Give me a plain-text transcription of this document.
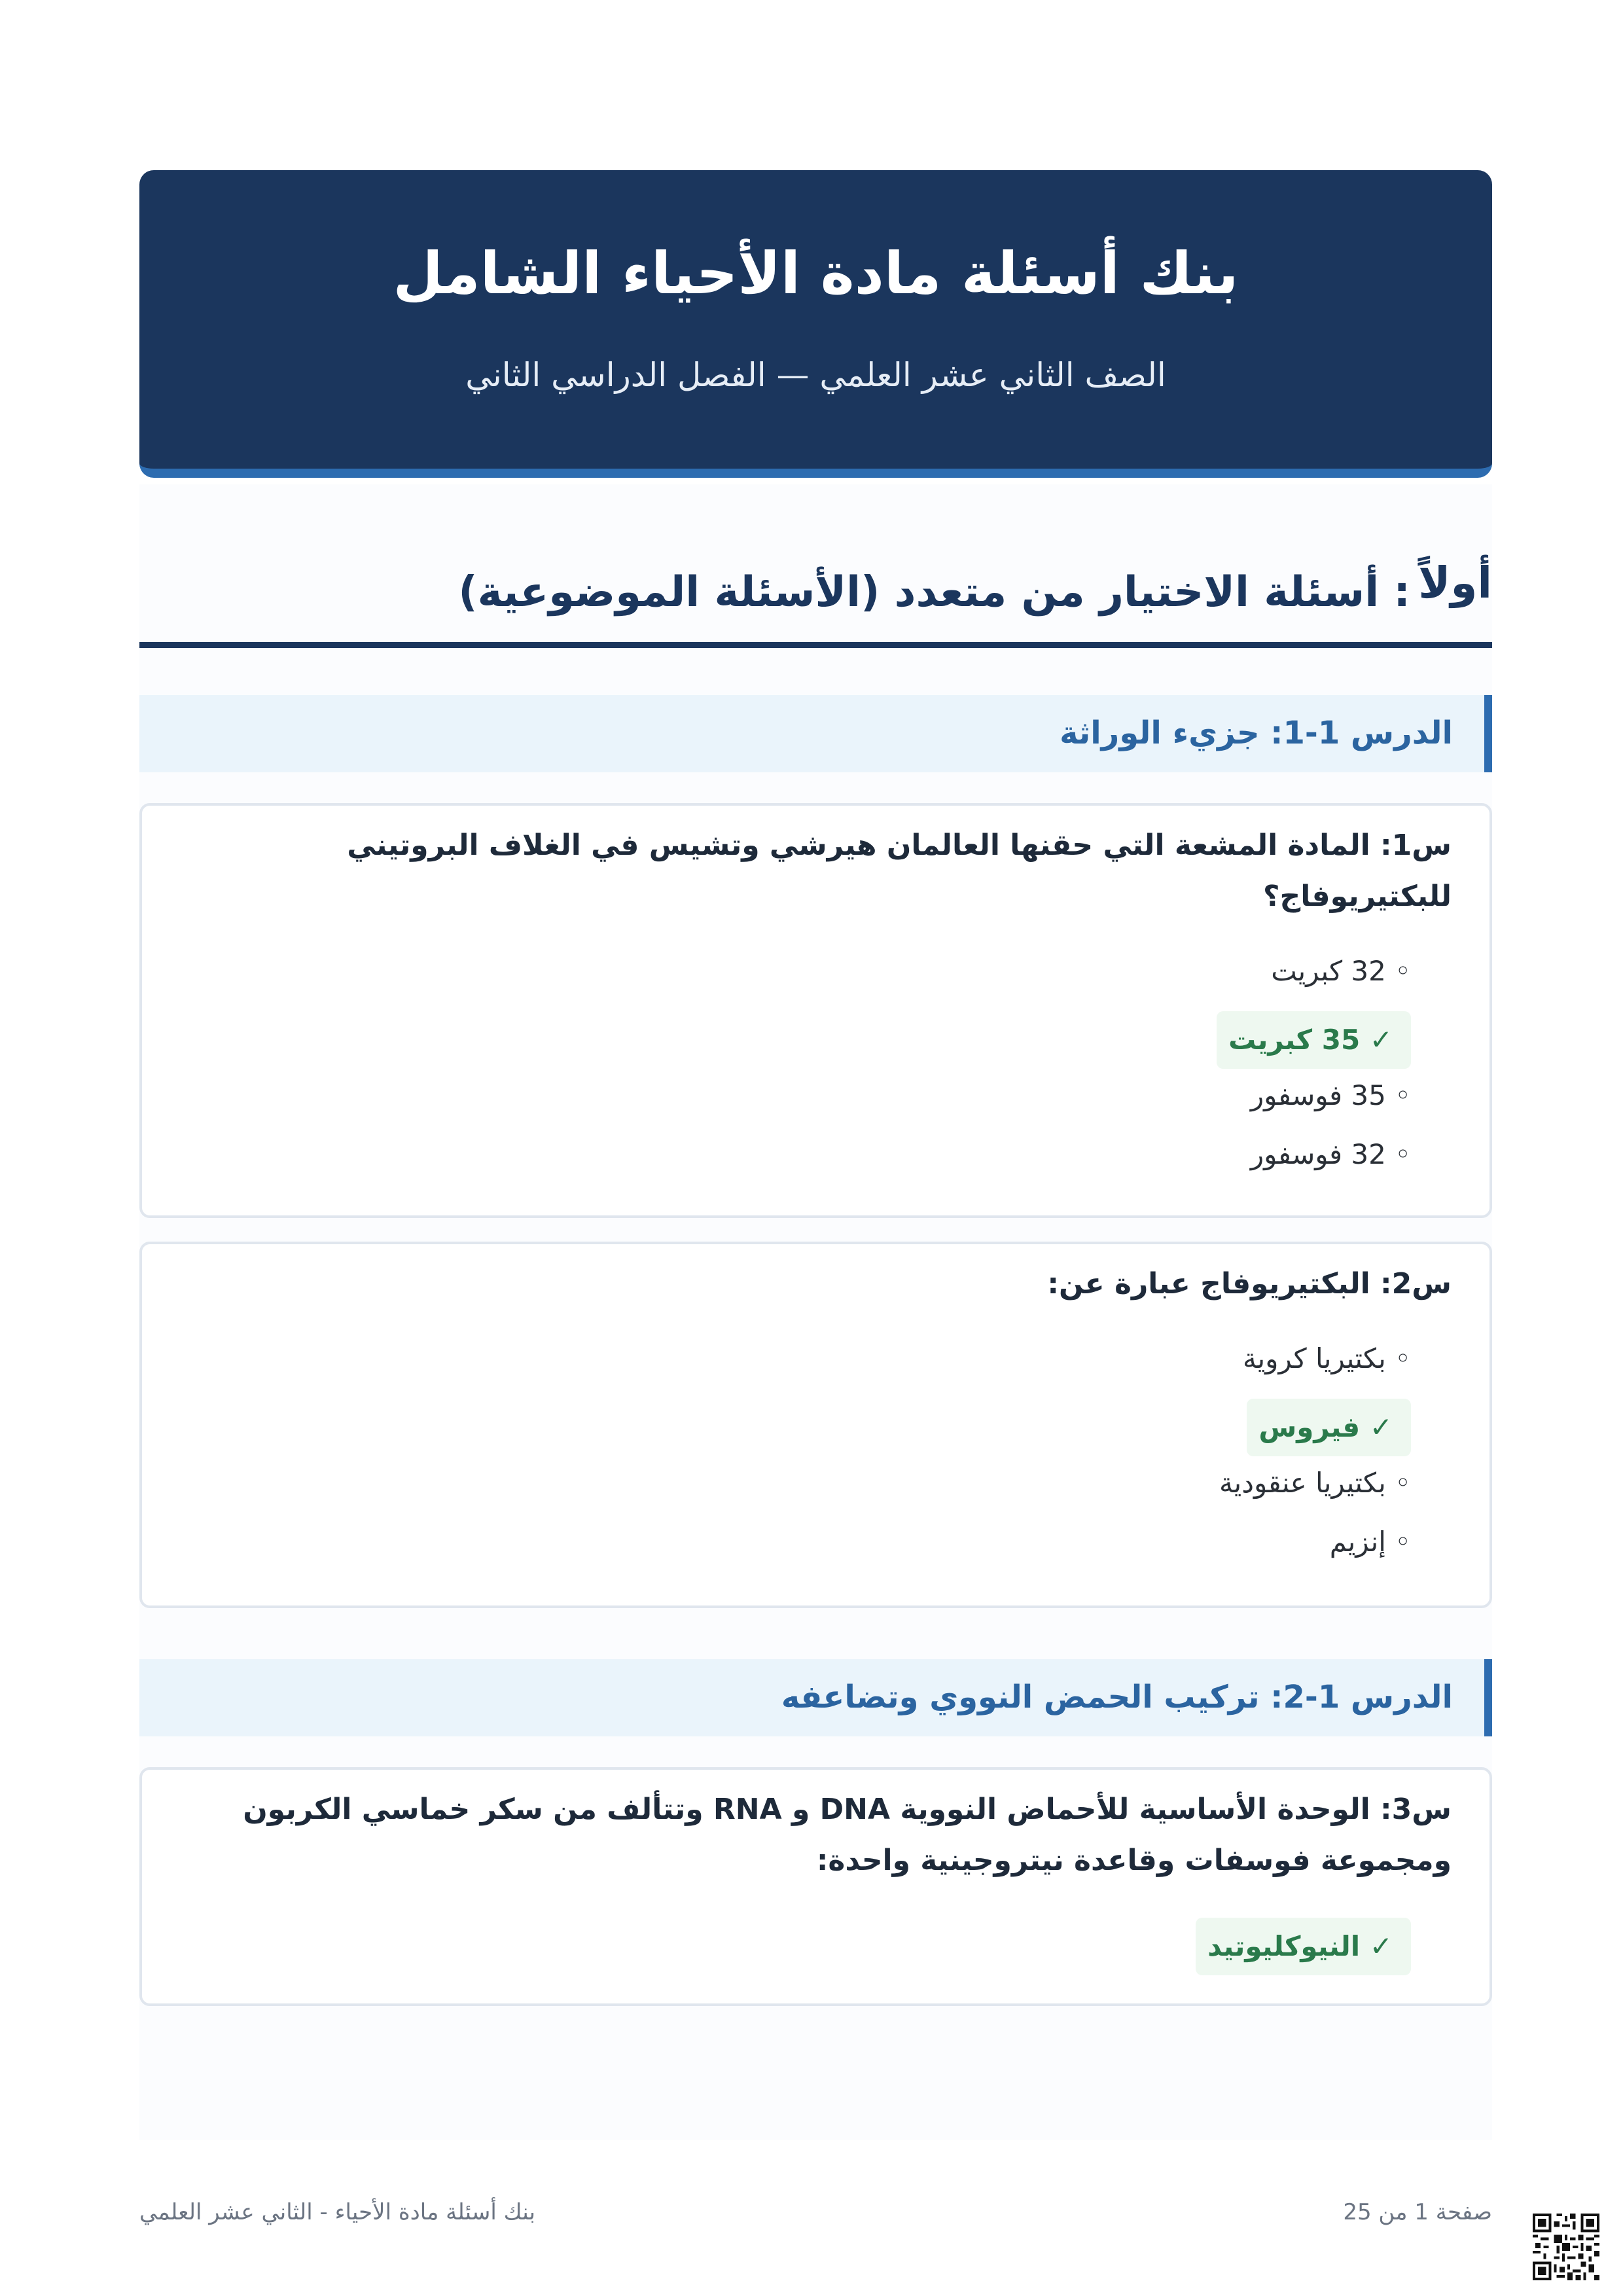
بنك أسئلة مادة الأحياء الشامل
الصف الثاني عشر العلمي — الفصل الدراسي الثاني
أولاً
: أسئلة الاختيار من متعدد (الأسئلة الموضوعية)
الدرس 1-1: جزيء الوراثة
س1: المادة المشعة التي حقنها العالمان هيرشي وتشيس في الغلاف البروتيني
للبكتيريوفاج؟
◦ 32 كبريت
✓ 35 كبريت
◦ 35 فوسفور
◦ 32 فوسفور
س2: البكتيريوفاج عبارة عن:
◦ بكتيريا كروية
✓ فيروس
◦ بكتيريا عنقودية
◦ إنزيم
الدرس 1-2: تركيب الحمض النووي وتضاعفه
س3: الوحدة الأساسية للأحماض النووية DNA و RNA وتتألف من سكر خماسي الكربون
ومجموعة فوسفات وقاعدة نيتروجينية واحدة:
✓ النيوكليوتيد
بنك أسئلة مادة الأحياء - الثاني عشر العلمي	صفحة 1 من 25
